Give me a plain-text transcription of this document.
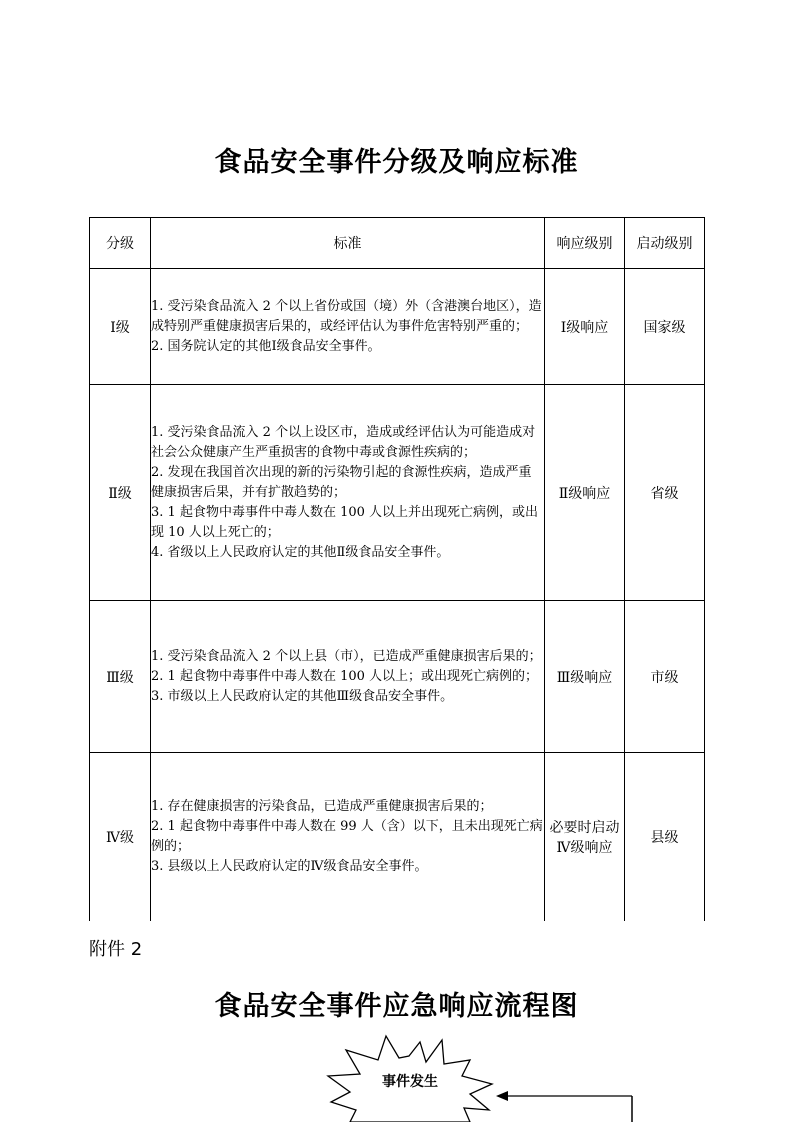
食品安全事件分级及响应标准
分级	标准	响应级别	启动级别
Ⅰ级	1. 受污染食品流入 2 个以上省份或国（境）外（含港澳台地区），造成特别严重健康损害后果的，或经评估认为事件危害特别严重的；
2. 国务院认定的其他Ⅰ级食品安全事件。	Ⅰ级响应	国家级
Ⅱ级	1. 受污染食品流入 2 个以上设区市，造成或经评估认为可能造成对社会公众健康产生严重损害的食物中毒或食源性疾病的；
2. 发现在我国首次出现的新的污染物引起的食源性疾病，造成严重健康损害后果，并有扩散趋势的；
3. 1 起食物中毒事件中毒人数在 100 人以上并出现死亡病例，或出现 10 人以上死亡的；
4. 省级以上人民政府认定的其他Ⅱ级食品安全事件。	Ⅱ级响应	省级
Ⅲ级	1. 受污染食品流入 2 个以上县（市），已造成严重健康损害后果的；
2. 1 起食物中毒事件中毒人数在 100 人以上；或出现死亡病例的；
3. 市级以上人民政府认定的其他Ⅲ级食品安全事件。	Ⅲ级响应	市级
Ⅳ级	1. 存在健康损害的污染食品，已造成严重健康损害后果的；
2. 1 起食物中毒事件中毒人数在 99 人（含）以下，且未出现死亡病例的；
3. 县级以上人民政府认定的Ⅳ级食品安全事件。	必要时启动Ⅳ级响应	县级
附件 2
食品安全事件应急响应流程图
事件发生
